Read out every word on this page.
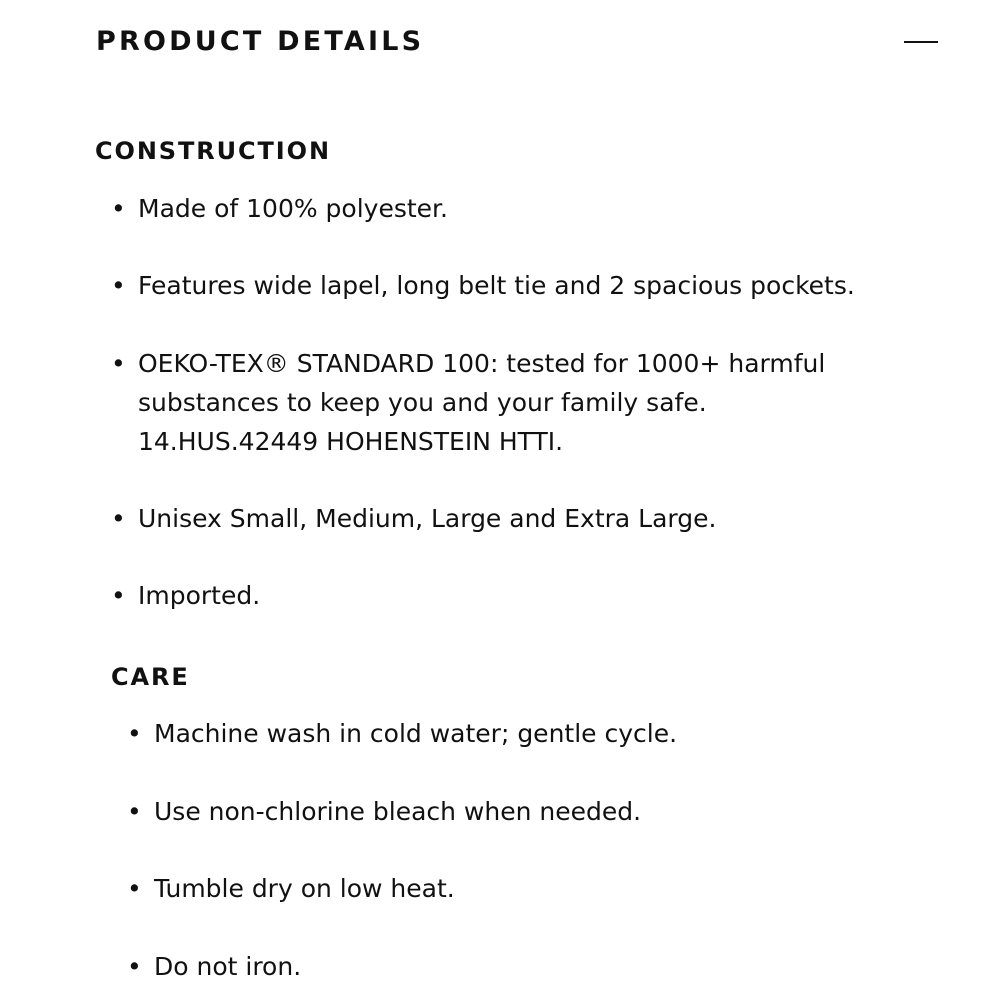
PRODUCT DETAILS
CONSTRUCTION
• Made of 100% polyester.
• Features wide lapel, long belt tie and 2 spacious pockets.
• OEKO-TEX® STANDARD 100: tested for 1000+ harmful
substances to keep you and your family safe.
14.HUS.42449 HOHENSTEIN HTTI.
• Unisex Small, Medium, Large and Extra Large.
• Imported.
CARE
• Machine wash in cold water; gentle cycle.
• Use non-chlorine bleach when needed.
• Tumble dry on low heat.
• Do not iron.
